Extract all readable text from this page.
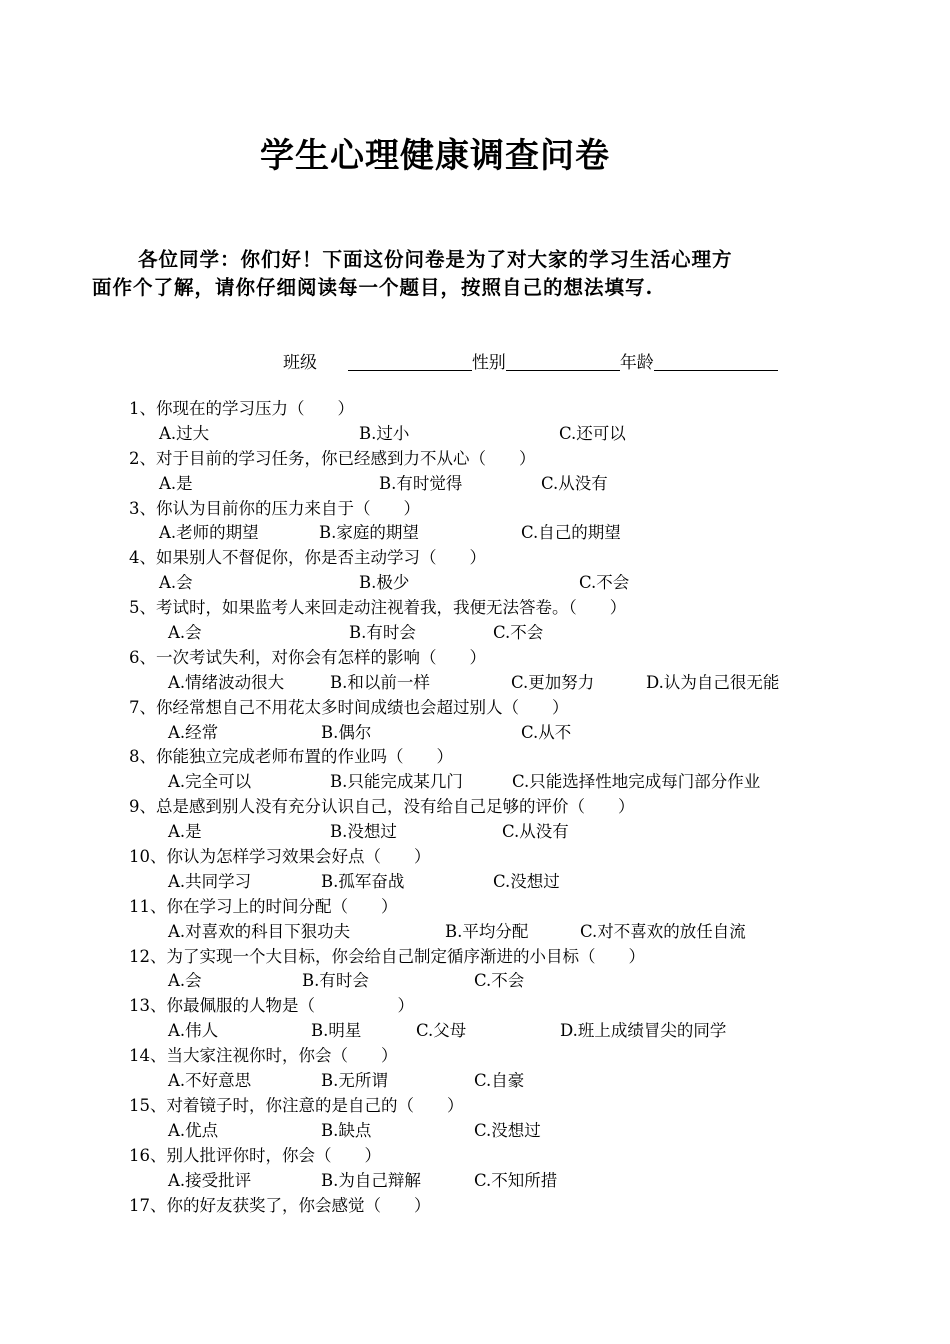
学生心理健康调查问卷
各位同学：你们好！下面这份问卷是为了对大家的学习生活心理方
面作个了解，请你仔细阅读每一个题目，按照自己的想法填写.
班级	性别	年龄
1、你现在的学习压力（　　）
A.过大	B.过小	C.还可以
2、对于目前的学习任务，你已经感到力不从心（　　）
A.是	B.有时觉得	C.从没有
3、你认为目前你的压力来自于（　　）
A.老师的期望	B.家庭的期望	C.自己的期望
4、如果别人不督促你，你是否主动学习（　　）
A.会	B.极少	C.不会
5、考试时，如果监考人来回走动注视着我，我便无法答卷。（　　）
A.会	B.有时会	C.不会
6、一次考试失利，对你会有怎样的影响（　　）
A.情绪波动很大	B.和以前一样	C.更加努力	D.认为自己很无能
7、你经常想自己不用花太多时间成绩也会超过别人（　　）
A.经常	B.偶尔	C.从不
8、你能独立完成老师布置的作业吗（　　）
A.完全可以	B.只能完成某几门	C.只能选择性地完成每门部分作业
9、总是感到别人没有充分认识自己，没有给自己足够的评价（　　）
A.是	B.没想过	C.从没有
10、你认为怎样学习效果会好点（　　）
A.共同学习	B.孤军奋战	C.没想过
11、你在学习上的时间分配（　　）
A.对喜欢的科目下狠功夫	B.平均分配	C.对不喜欢的放任自流
12、为了实现一个大目标，你会给自己制定循序渐进的小目标（　　）
A.会	B.有时会	C.不会
13、你最佩服的人物是（　　　　　）
A.伟人	B.明星	C.父母	D.班上成绩冒尖的同学
14、当大家注视你时，你会（　　）
A.不好意思	B.无所谓	C.自豪
15、对着镜子时，你注意的是自己的（　　）
A.优点	B.缺点	C.没想过
16、别人批评你时，你会（　　）
A.接受批评	B.为自己辩解	C.不知所措
17、你的好友获奖了，你会感觉（　　）
